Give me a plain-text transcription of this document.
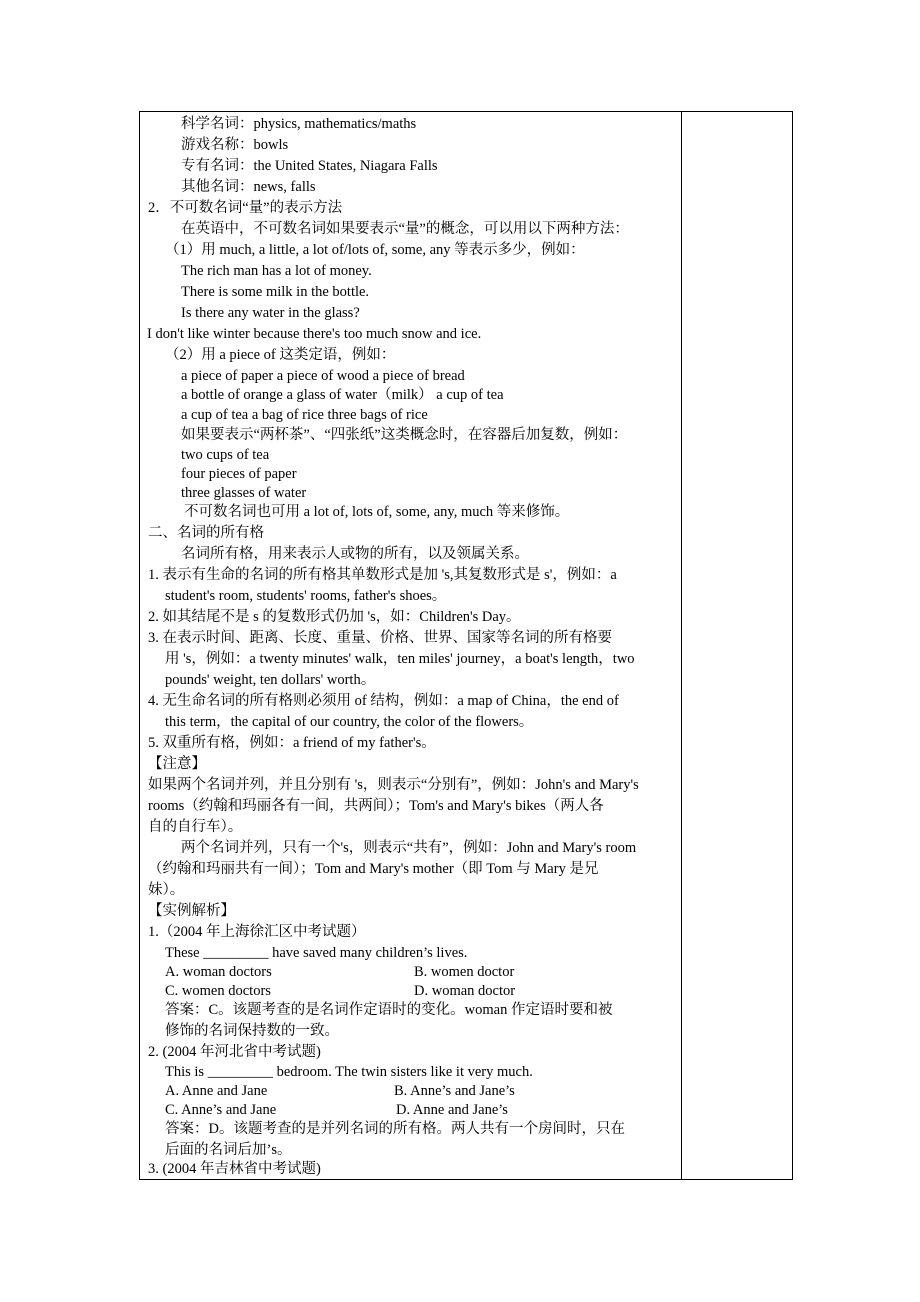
科学名词：physics, mathematics/maths
游戏名称：bowls
专有名词：the United States, Niagara Falls
其他名词：news, falls
2．不可数名词“量”的表示方法
在英语中，不可数名词如果要表示“量”的概念，可以用以下两种方法：
（1）用 much, a little, a lot of/lots of, some, any 等表示多少，例如：
The rich man has a lot of money.
There is some milk in the bottle.
Is there any water in the glass?
I don't like winter because there's too much snow and ice.
（2）用 a piece of 这类定语，例如：
a piece of paper a piece of wood a piece of bread
a bottle of orange a glass of water（milk） a cup of tea
a cup of tea a bag of rice three bags of rice
如果要表示“两杯茶”、“四张纸”这类概念时，在容器后加复数，例如：
two cups of tea
four pieces of paper
three glasses of water
不可数名词也可用 a lot of, lots of, some, any, much 等来修饰。
二、名词的所有格
名词所有格，用来表示人或物的所有，以及领属关系。
1. 表示有生命的名词的所有格其单数形式是加 's,其复数形式是 s'，例如：a
student's room, students' rooms, father's shoes。
2. 如其结尾不是 s 的复数形式仍加 's，如：Children's Day。
3. 在表示时间、距离、长度、重量、价格、世界、国家等名词的所有格要
用 's，例如：a twenty minutes' walk，ten miles' journey，a boat's length，two
pounds' weight, ten dollars' worth。
4. 无生命名词的所有格则必须用 of 结构，例如：a map of China，the end of
this term，the capital of our country, the color of the flowers。
5. 双重所有格，例如：a friend of my father's。
【注意】
如果两个名词并列，并且分别有 's，则表示“分别有”，例如：John's and Mary's
rooms（约翰和玛丽各有一间，共两间）；Tom's and Mary's bikes（两人各
自的自行车）。
两个名词并列，只有一个's，则表示“共有”，例如：John and Mary's room
（约翰和玛丽共有一间）；Tom and Mary's mother（即 Tom 与 Mary 是兄
妹）。
【实例解析】
1.（2004 年上海徐汇区中考试题）
These _________ have saved many children’s lives.
A. woman doctors	B. women doctor
C. women doctors	D. woman doctor
答案：C。该题考查的是名词作定语时的变化。woman 作定语时要和被
修饰的名词保持数的一致。
2. (2004 年河北省中考试题)
This is _________ bedroom. The twin sisters like it very much.
A. Anne and Jane	B. Anne’s and Jane’s
C. Anne’s and Jane	D. Anne and Jane’s
答案：D。该题考查的是并列名词的所有格。两人共有一个房间时，只在
后面的名词后加’s。
3. (2004 年吉林省中考试题)
